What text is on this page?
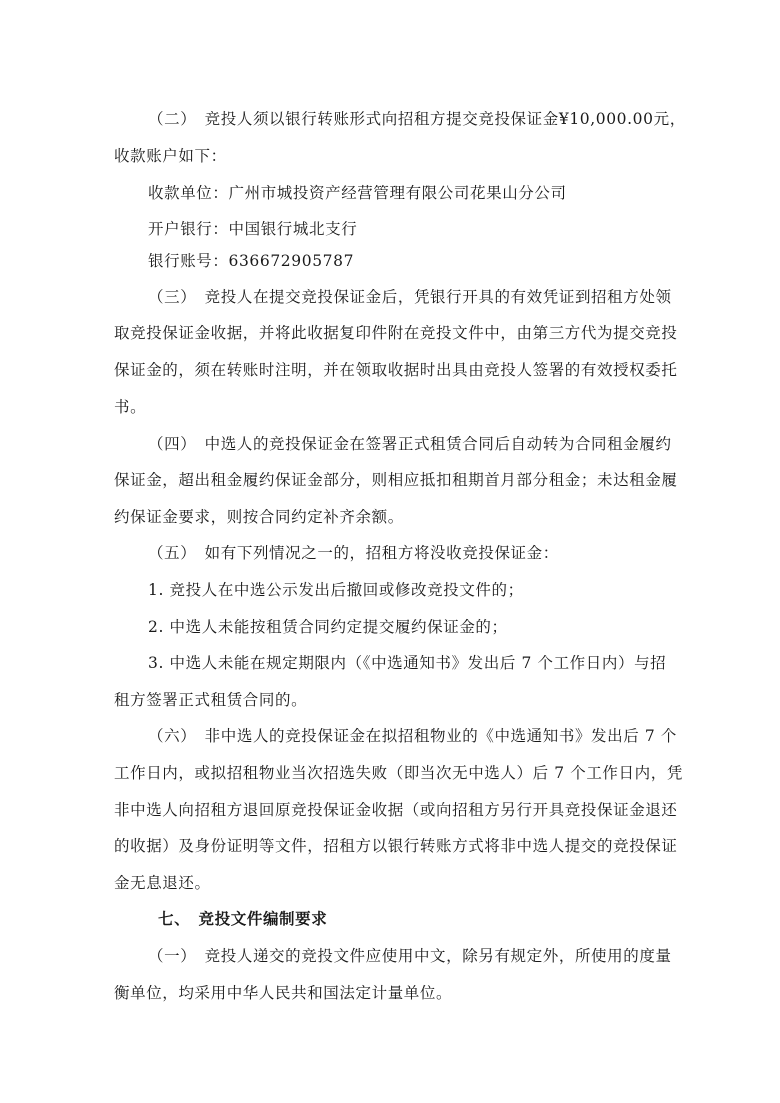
（二）　竞投人须以银行转账形式向招租方提交竞投保证金¥10,000.00元，
收款账户如下：
收款单位：广州市城投资产经营管理有限公司花果山分公司
开户银行：中国银行城北支行
银行账号：636672905787
（三）　竞投人在提交竞投保证金后，凭银行开具的有效凭证到招租方处领
取竞投保证金收据，并将此收据复印件附在竞投文件中，由第三方代为提交竞投
保证金的，须在转账时注明，并在领取收据时出具由竞投人签署的有效授权委托
书。
（四）　中选人的竞投保证金在签署正式租赁合同后自动转为合同租金履约
保证金，超出租金履约保证金部分，则相应抵扣租期首月部分租金；未达租金履
约保证金要求，则按合同约定补齐余额。
（五）　如有下列情况之一的，招租方将没收竞投保证金：
1. 竞投人在中选公示发出后撤回或修改竞投文件的；
2. 中选人未能按租赁合同约定提交履约保证金的；
3. 中选人未能在规定期限内（《中选通知书》发出后 7 个工作日内）与招
租方签署正式租赁合同的。
（六）　非中选人的竞投保证金在拟招租物业的《中选通知书》发出后 7 个
工作日内，或拟招租物业当次招选失败（即当次无中选人）后 7 个工作日内，凭
非中选人向招租方退回原竞投保证金收据（或向招租方另行开具竞投保证金退还
的收据）及身份证明等文件，招租方以银行转账方式将非中选人提交的竞投保证
金无息退还。
七、　竞投文件编制要求
（一）　竞投人递交的竞投文件应使用中文，除另有规定外，所使用的度量
衡单位，均采用中华人民共和国法定计量单位。
